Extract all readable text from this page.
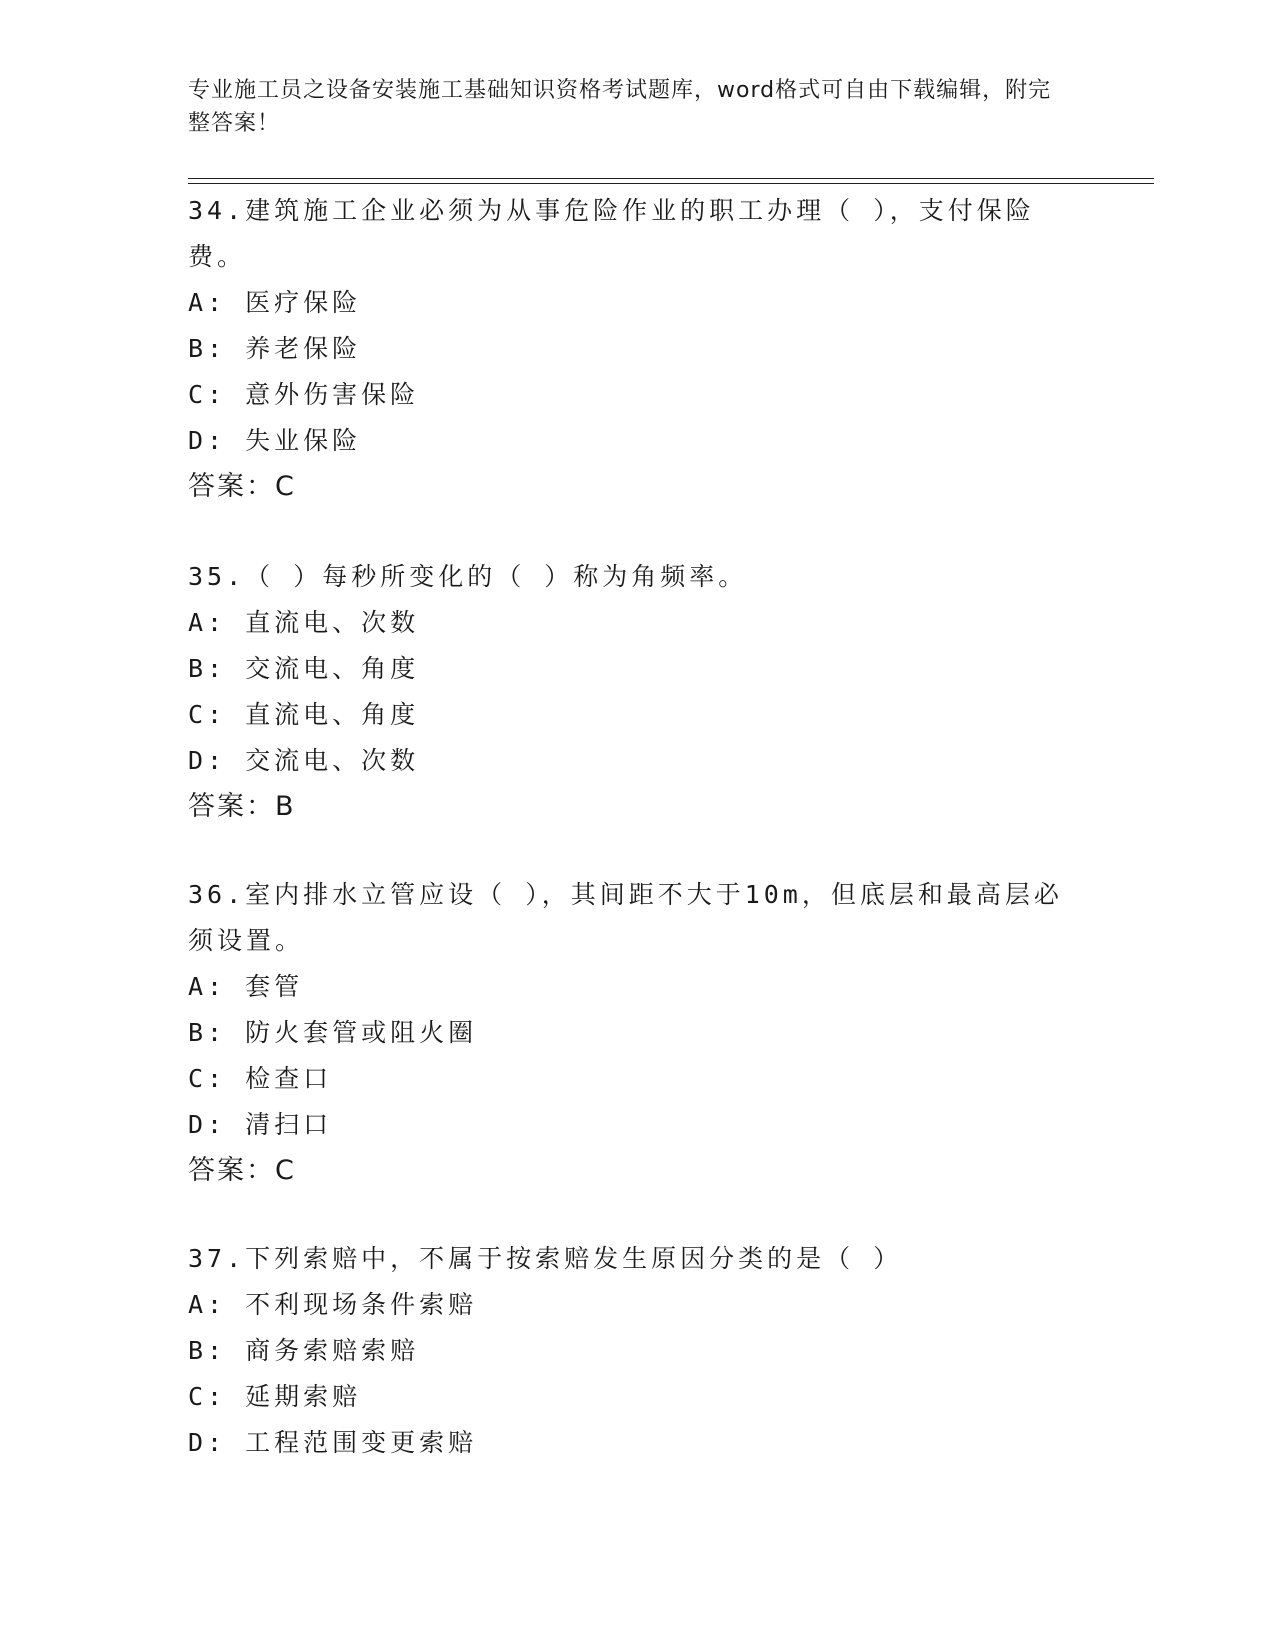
专业施工员之设备安装施工基础知识资格考试题库，word格式可自由下载编辑，附完整答案！

34.建筑施工企业必须为从事危险作业的职工办理（ ），支付保险费。

A: 医疗保险

B: 养老保险

C: 意外伤害保险

D: 失业保险

答案：C

35.（ ）每秒所变化的（ ）称为角频率。

A: 直流电、次数

B: 交流电、角度

C: 直流电、角度

D: 交流电、次数

答案：B

36.室内排水立管应设（ ），其间距不大于10m，但底层和最高层必须设置。

A: 套管

B: 防火套管或阻火圈

C: 检查口

D: 清扫口

答案：C

37.下列索赔中，不属于按索赔发生原因分类的是（ ）

A: 不利现场条件索赔

B: 商务索赔索赔

C: 延期索赔

D: 工程范围变更索赔
